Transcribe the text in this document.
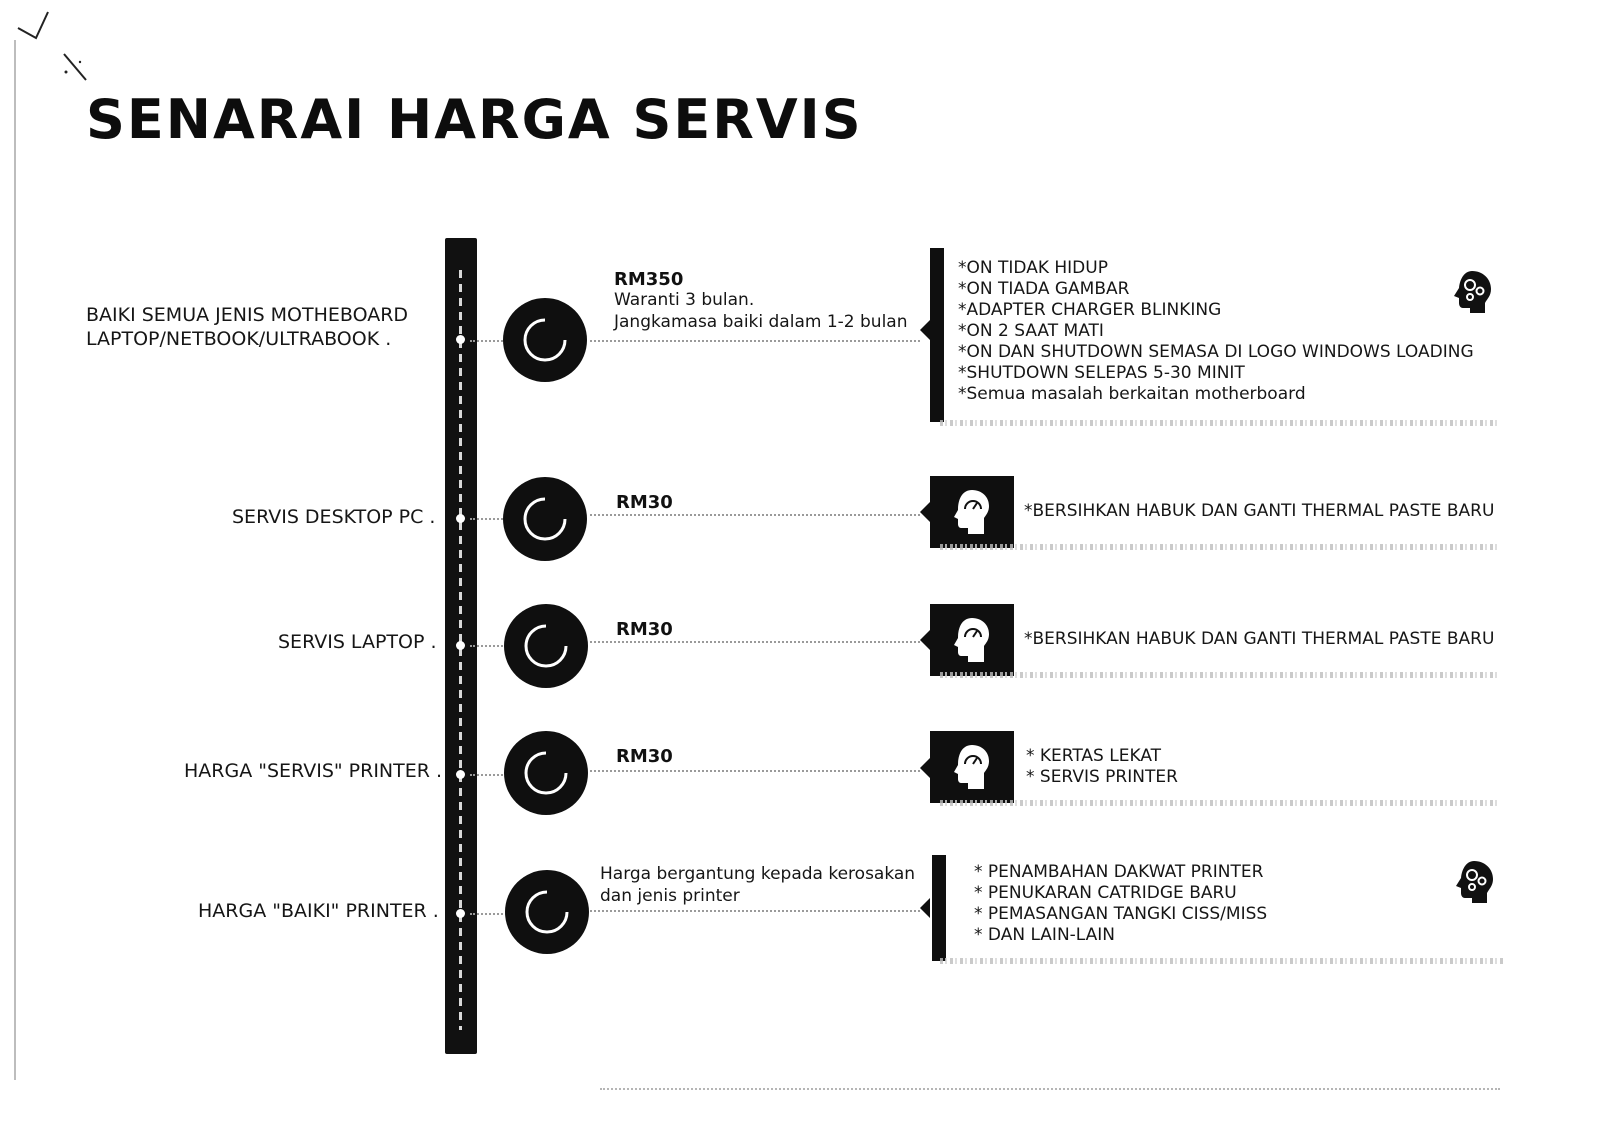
SENARAI HARGA SERVIS
BAIKI SEMUA JENIS MOTHEBOARD
LAPTOP/NETBOOK/ULTRABOOK .
RM350
Waranti 3 bulan.
Jangkamasa baiki dalam 1-2 bulan
*ON TIDAK HIDUP
*ON TIADA GAMBAR
*ADAPTER CHARGER BLINKING
*ON 2 SAAT MATI
*ON DAN SHUTDOWN SEMASA DI LOGO WINDOWS LOADING
*SHUTDOWN SELEPAS 5-30 MINIT
*Semua masalah berkaitan motherboard
SERVIS DESKTOP PC .
RM30	*BERSIHKAN HABUK DAN GANTI THERMAL PASTE BARU
SERVIS LAPTOP .
RM30	*BERSIHKAN HABUK DAN GANTI THERMAL PASTE BARU
HARGA "SERVIS" PRINTER .
RM30	* KERTAS LEKAT
* SERVIS PRINTER
HARGA "BAIKI" PRINTER .
Harga bergantung kepada kerosakan
dan jenis printer
* PENAMBAHAN DAKWAT PRINTER
* PENUKARAN CATRIDGE BARU
* PEMASANGAN TANGKI CISS/MISS
* DAN LAIN-LAIN
